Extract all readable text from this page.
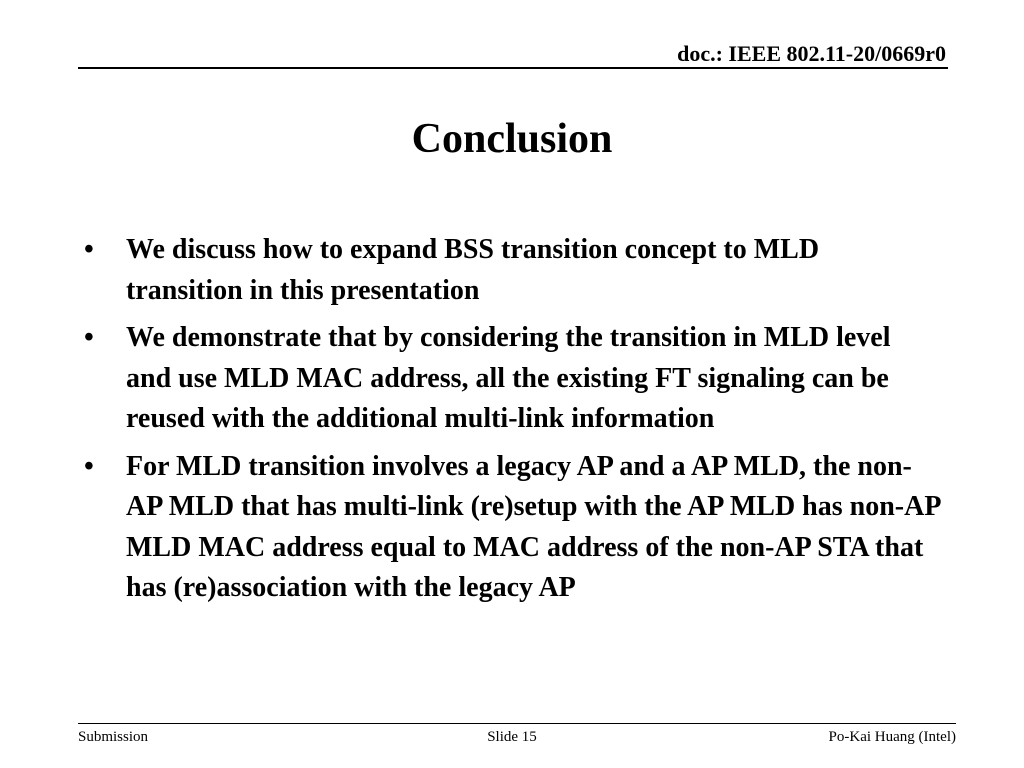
doc.: IEEE 802.11-20/0669r0
Conclusion
• We discuss how to expand BSS transition concept to MLD transition in this presentation
• We demonstrate that by considering the transition in MLD level and use MLD MAC address, all the existing FT signaling can be reused with the additional multi-link information
• For MLD transition involves a legacy AP and a AP MLD, the non-AP MLD that has multi-link (re)setup with the AP MLD has non-AP MLD MAC address equal to MAC address of the non-AP STA that has (re)association with the legacy AP
Submission	Slide 15	Po-Kai Huang (Intel)
